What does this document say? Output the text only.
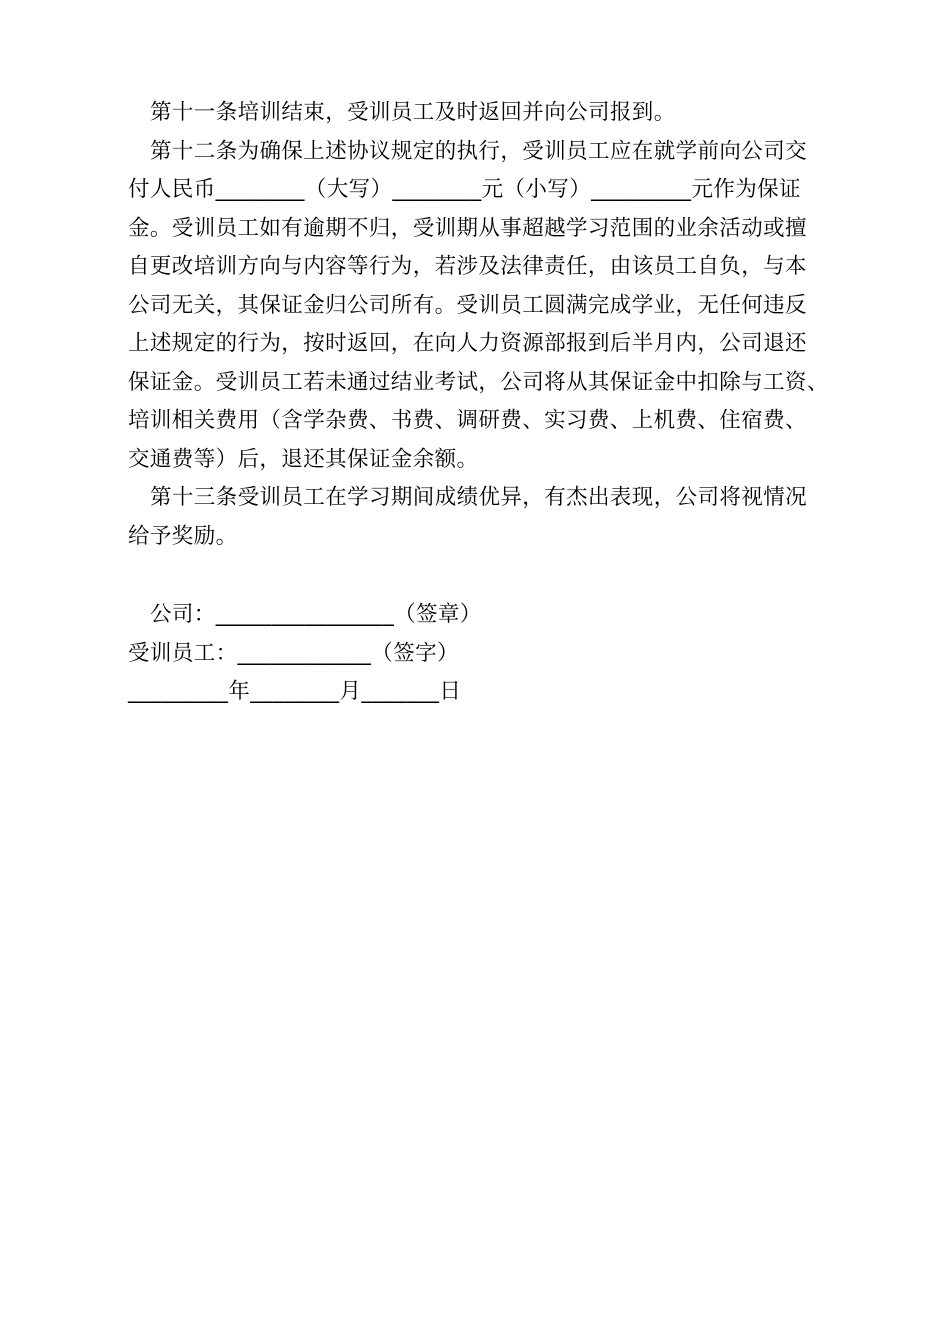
第十一条培训结束，受训员工及时返回并向公司报到。
第十二条为确保上述协议规定的执行，受训员工应在就学前向公司交
付人民币________（大写）________元（小写）_________元作为保证
金。受训员工如有逾期不归，受训期从事超越学习范围的业余活动或擅
自更改培训方向与内容等行为，若涉及法律责任，由该员工自负，与本
公司无关，其保证金归公司所有。受训员工圆满完成学业，无任何违反
上述规定的行为，按时返回，在向人力资源部报到后半月内，公司退还
保证金。受训员工若未通过结业考试，公司将从其保证金中扣除与工资、
培训相关费用（含学杂费、书费、调研费、实习费、上机费、住宿费、
交通费等）后，退还其保证金余额。
第十三条受训员工在学习期间成绩优异，有杰出表现，公司将视情况
给予奖励。
公司：________________（签章）
受训员工：____________（签字）
_________年________月_______日
